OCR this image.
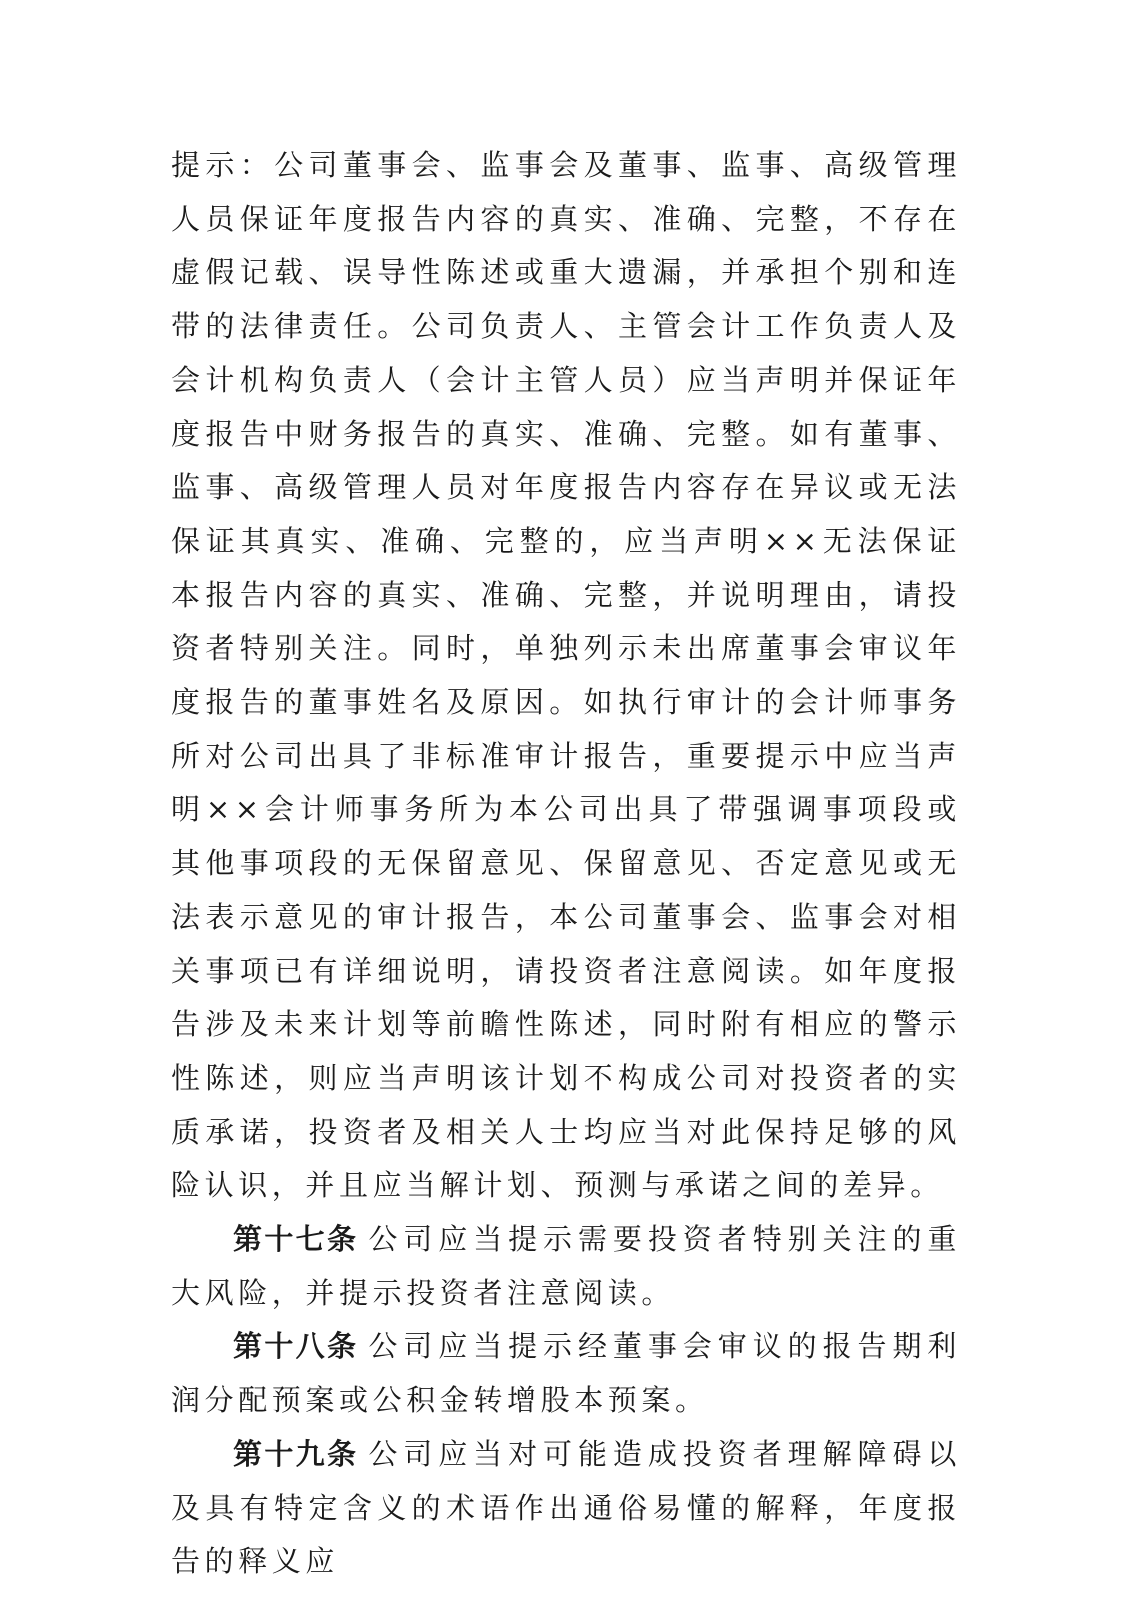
提示：公司董事会、监事会及董事、监事、高级管理人员保证年度报告内容的真实、准确、完整，不存在虚假记载、误导性陈述或重大遗漏，并承担个别和连带的法律责任。公司负责人、主管会计工作负责人及会计机构负责人（会计主管人员）应当声明并保证年度报告中财务报告的真实、准确、完整。如有董事、监事、高级管理人员对年度报告内容存在异议或无法保证其真实、准确、完整的，应当声明××无法保证本报告内容的真实、准确、完整，并说明理由，请投资者特别关注。同时，单独列示未出席董事会审议年度报告的董事姓名及原因。如执行审计的会计师事务所对公司出具了非标准审计报告，重要提示中应当声明××会计师事务所为本公司出具了带强调事项段或其他事项段的无保留意见、保留意见、否定意见或无法表示意见的审计报告，本公司董事会、监事会对相关事项已有详细说明，请投资者注意阅读。如年度报告涉及未来计划等前瞻性陈述，同时附有相应的警示性陈述，则应当声明该计划不构成公司对投资者的实质承诺，投资者及相关人士均应当对此保持足够的风险认识，并且应当解计划、预测与承诺之间的差异。

第十七条 公司应当提示需要投资者特别关注的重大风险，并提示投资者注意阅读。

第十八条 公司应当提示经董事会审议的报告期利润分配预案或公积金转增股本预案。

第十九条 公司应当对可能造成投资者理解障碍以及具有特定含义的术语作出通俗易懂的解释，年度报告的释义应
